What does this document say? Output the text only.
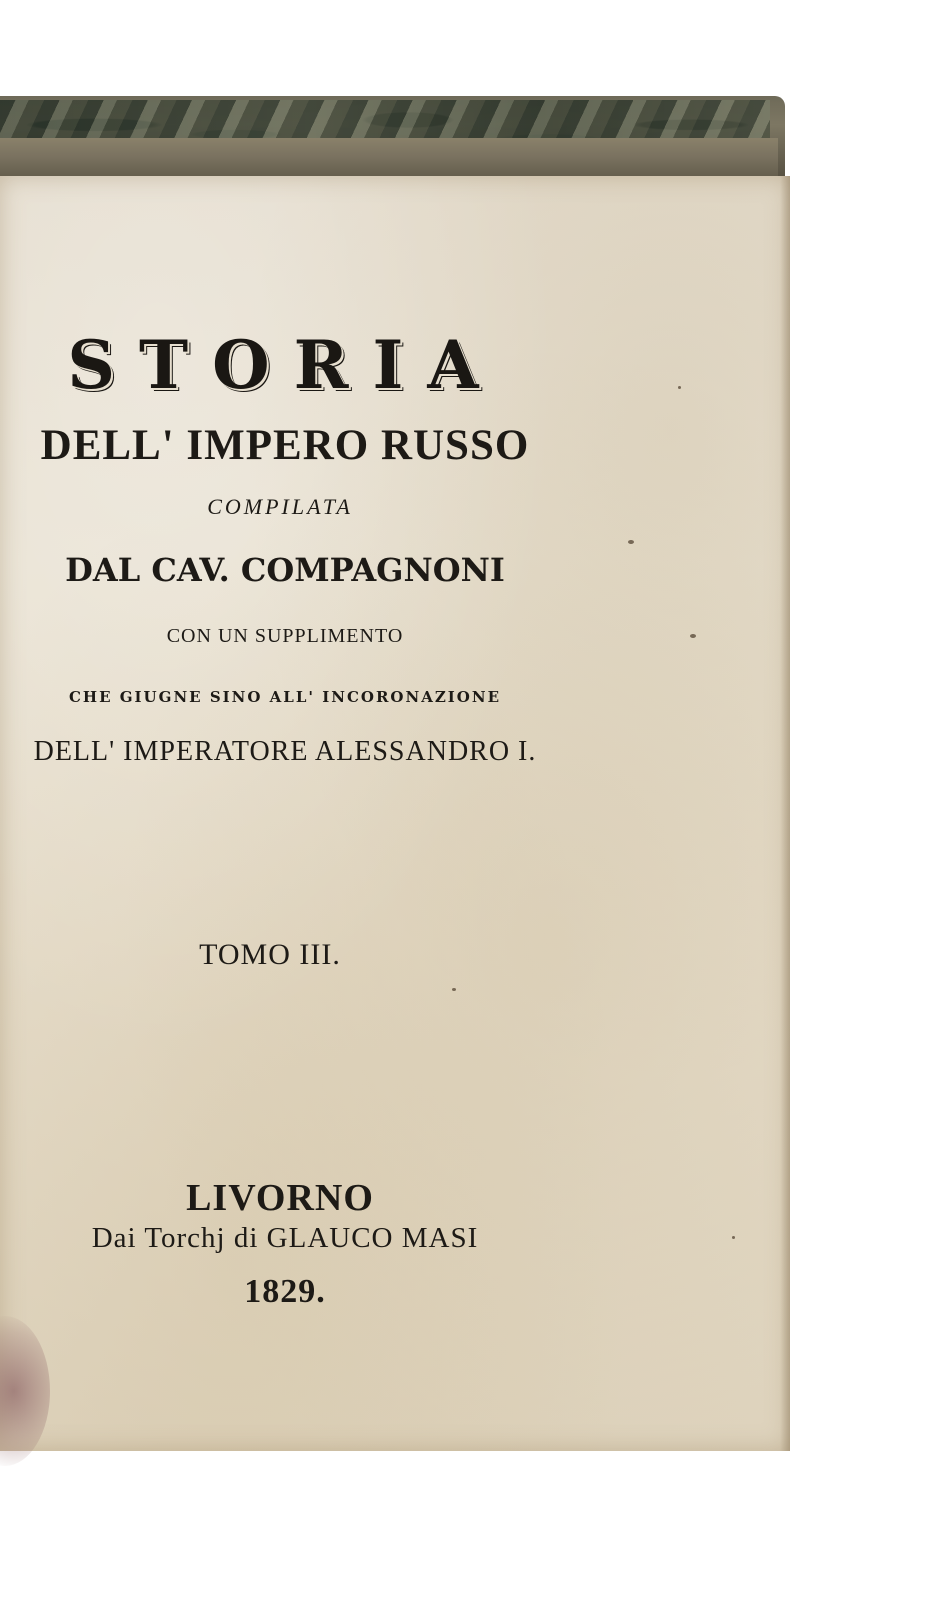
STORIA
DELL' IMPERO RUSSO
COMPILATA
DAL CAV. COMPAGNONI
CON UN SUPPLIMENTO
CHE GIUGNE SINO ALL' INCORONAZIONE
DELL' IMPERATORE ALESSANDRO I.
TOMO III.
LIVORNO
Dai Torchj di GLAUCO MASI
1829.
